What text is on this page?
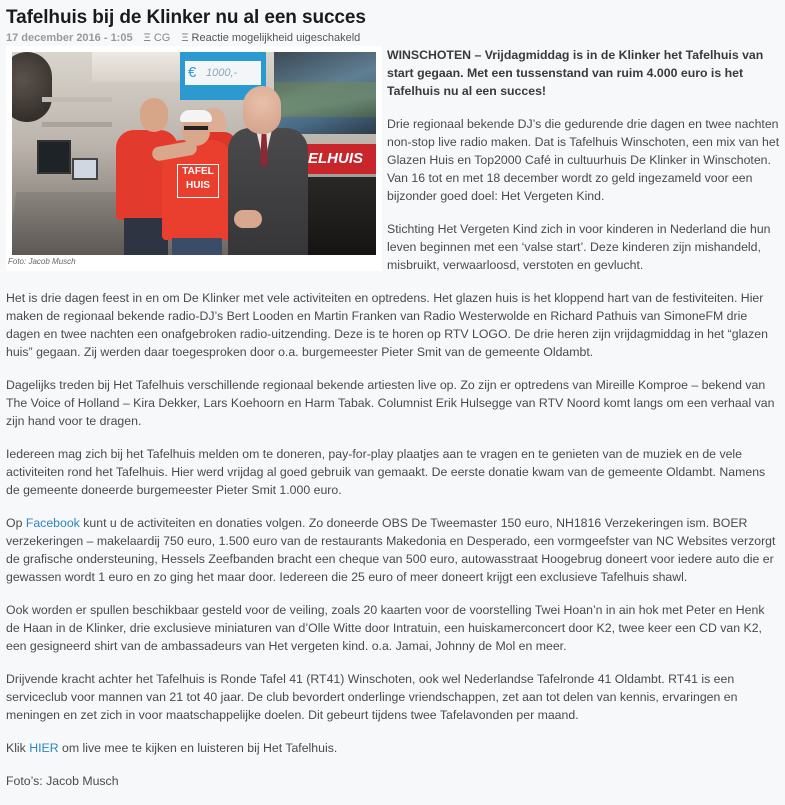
Tafelhuis bij de Klinker nu al een succes
17 december 2016 - 1:05 Ξ CG Ξ Reactie mogelijkheid uigeschakeld
ELHUIS
€ 1000,-
TAFEL
HUIS
Foto: Jacob Musch

WINSCHOTEN – Vrijdagmiddag is in de Klinker het Tafelhuis van start gegaan. Met een tussenstand van ruim 4.000 euro is het Tafelhuis nu al een succes!

Drie regionaal bekende DJ’s die gedurende drie dagen en twee nachten non-stop live radio maken. Dat is Tafelhuis Winschoten, een mix van het Glazen Huis en Top2000 Café in cultuurhuis De Klinker in Winschoten. Van 16 tot en met 18 december wordt zo geld ingezameld voor een bijzonder goed doel: Het Vergeten Kind.

Stichting Het Vergeten Kind zich in voor kinderen in Nederland die hun leven beginnen met een ‘valse start’. Deze kinderen zijn mishandeld, misbruikt, verwaarloosd, verstoten en gevlucht.

Het is drie dagen feest in en om De Klinker met vele activiteiten en optredens. Het glazen huis is het kloppend hart van de festiviteiten. Hier maken de regionaal bekende radio-DJ’s Bert Looden en Martin Franken van Radio Westerwolde en Richard Pathuis van SimoneFM drie dagen en twee nachten een onafgebroken radio-uitzending. Deze is te horen op RTV LOGO. De drie heren zijn vrijdagmiddag in het “glazen huis” gegaan. Zij werden daar toegesproken door o.a. burgemeester Pieter Smit van de gemeente Oldambt.

Dagelijks treden bij Het Tafelhuis verschillende regionaal bekende artiesten live op. Zo zijn er optredens van Mireille Komproe – bekend van The Voice of Holland – Kira Dekker, Lars Koehoorn en Harm Tabak. Columnist Erik Hulsegge van RTV Noord komt langs om een verhaal van zijn hand voor te dragen.

Iedereen mag zich bij het Tafelhuis melden om te doneren, pay-for-play plaatjes aan te vragen en te genieten van de muziek en de vele activiteiten rond het Tafelhuis. Hier werd vrijdag al goed gebruik van gemaakt. De eerste donatie kwam van de gemeente Oldambt. Namens de gemeente doneerde burgemeester Pieter Smit 1.000 euro.

Op Facebook kunt u de activiteiten en donaties volgen. Zo doneerde OBS De Tweemaster 150 euro, NH1816 Verzekeringen ism. BOER verzekeringen – makelaardij 750 euro, 1.500 euro van de restaurants Makedonia en Desperado, een vormgeefster van NC Websites verzorgt de grafische ondersteuning, Hessels Zeefbanden bracht een cheque van 500 euro, autowasstraat Hoogebrug doneert voor iedere auto die er gewassen wordt 1 euro en zo ging het maar door. Iedereen die 25 euro of meer doneert krijgt een exclusieve Tafelhuis shawl.

Ook worden er spullen beschikbaar gesteld voor de veiling, zoals 20 kaarten voor de voorstelling Twei Hoan’n in ain hok met Peter en Henk de Haan in de Klinker, drie exclusieve miniaturen van d’Olle Witte door Intratuin, een huiskamerconcert door K2, twee keer een CD van K2, een gesigneerd shirt van de ambassadeurs van Het vergeten kind. o.a. Jamai, Johnny de Mol en meer.

Drijvende kracht achter het Tafelhuis is Ronde Tafel 41 (RT41) Winschoten, ook wel Nederlandse Tafelronde 41 Oldambt. RT41 is een serviceclub voor mannen van 21 tot 40 jaar. De club bevordert onderlinge vriendschappen, zet aan tot delen van kennis, ervaringen en meningen en zet zich in voor maatschappelijke doelen. Dit gebeurt tijdens twee Tafelavonden per maand.

Klik HIER om live mee te kijken en luisteren bij Het Tafelhuis.

Foto’s: Jacob Musch
